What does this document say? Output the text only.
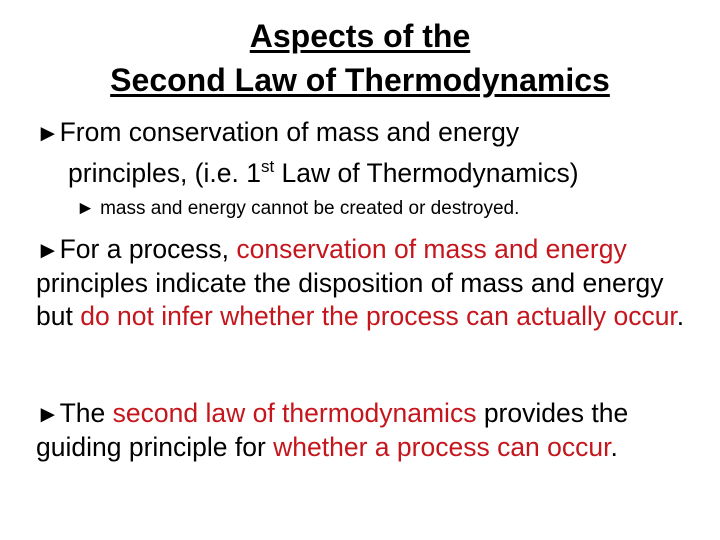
Aspects of the
Second Law of Thermodynamics
►From conservation of mass and energy
principles, (i.e. 1st Law of Thermodynamics)
► mass and energy cannot be created or destroyed.
►For a process, conservation of mass and energy principles indicate the disposition of mass and energy but do not infer whether the process can actually occur.
►The second law of thermodynamics provides the guiding principle for whether a process can occur.
